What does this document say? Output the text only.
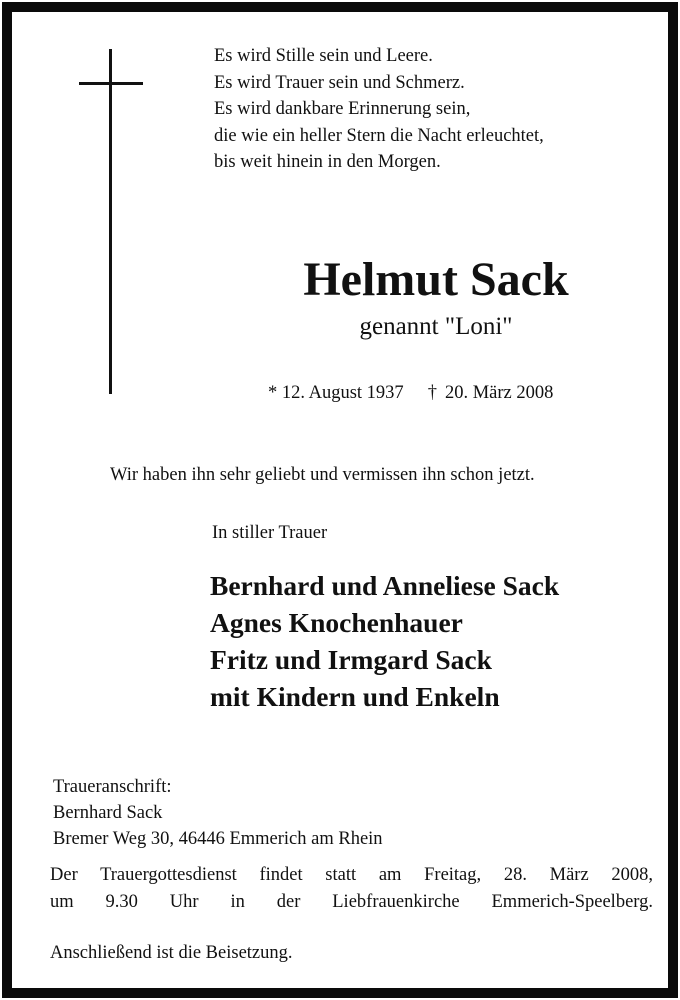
Es wird Stille sein und Leere.
Es wird Trauer sein und Schmerz.
Es wird dankbare Erinnerung sein,
die wie ein heller Stern die Nacht erleuchtet,
bis weit hinein in den Morgen.
Helmut Sack
genannt "Loni"
* 12. August 1937 † 20. März 2008
Wir haben ihn sehr geliebt und vermissen ihn schon jetzt.
In stiller Trauer
Bernhard und Anneliese Sack
Agnes Knochenhauer
Fritz und Irmgard Sack
mit Kindern und Enkeln
Traueranschrift:
Bernhard Sack
Bremer Weg 30, 46446 Emmerich am Rhein
Der Trauergottesdienst findet statt am Freitag, 28. März 2008,
um 9.30 Uhr in der Liebfrauenkirche Emmerich-Speelberg.
Anschließend ist die Beisetzung.
